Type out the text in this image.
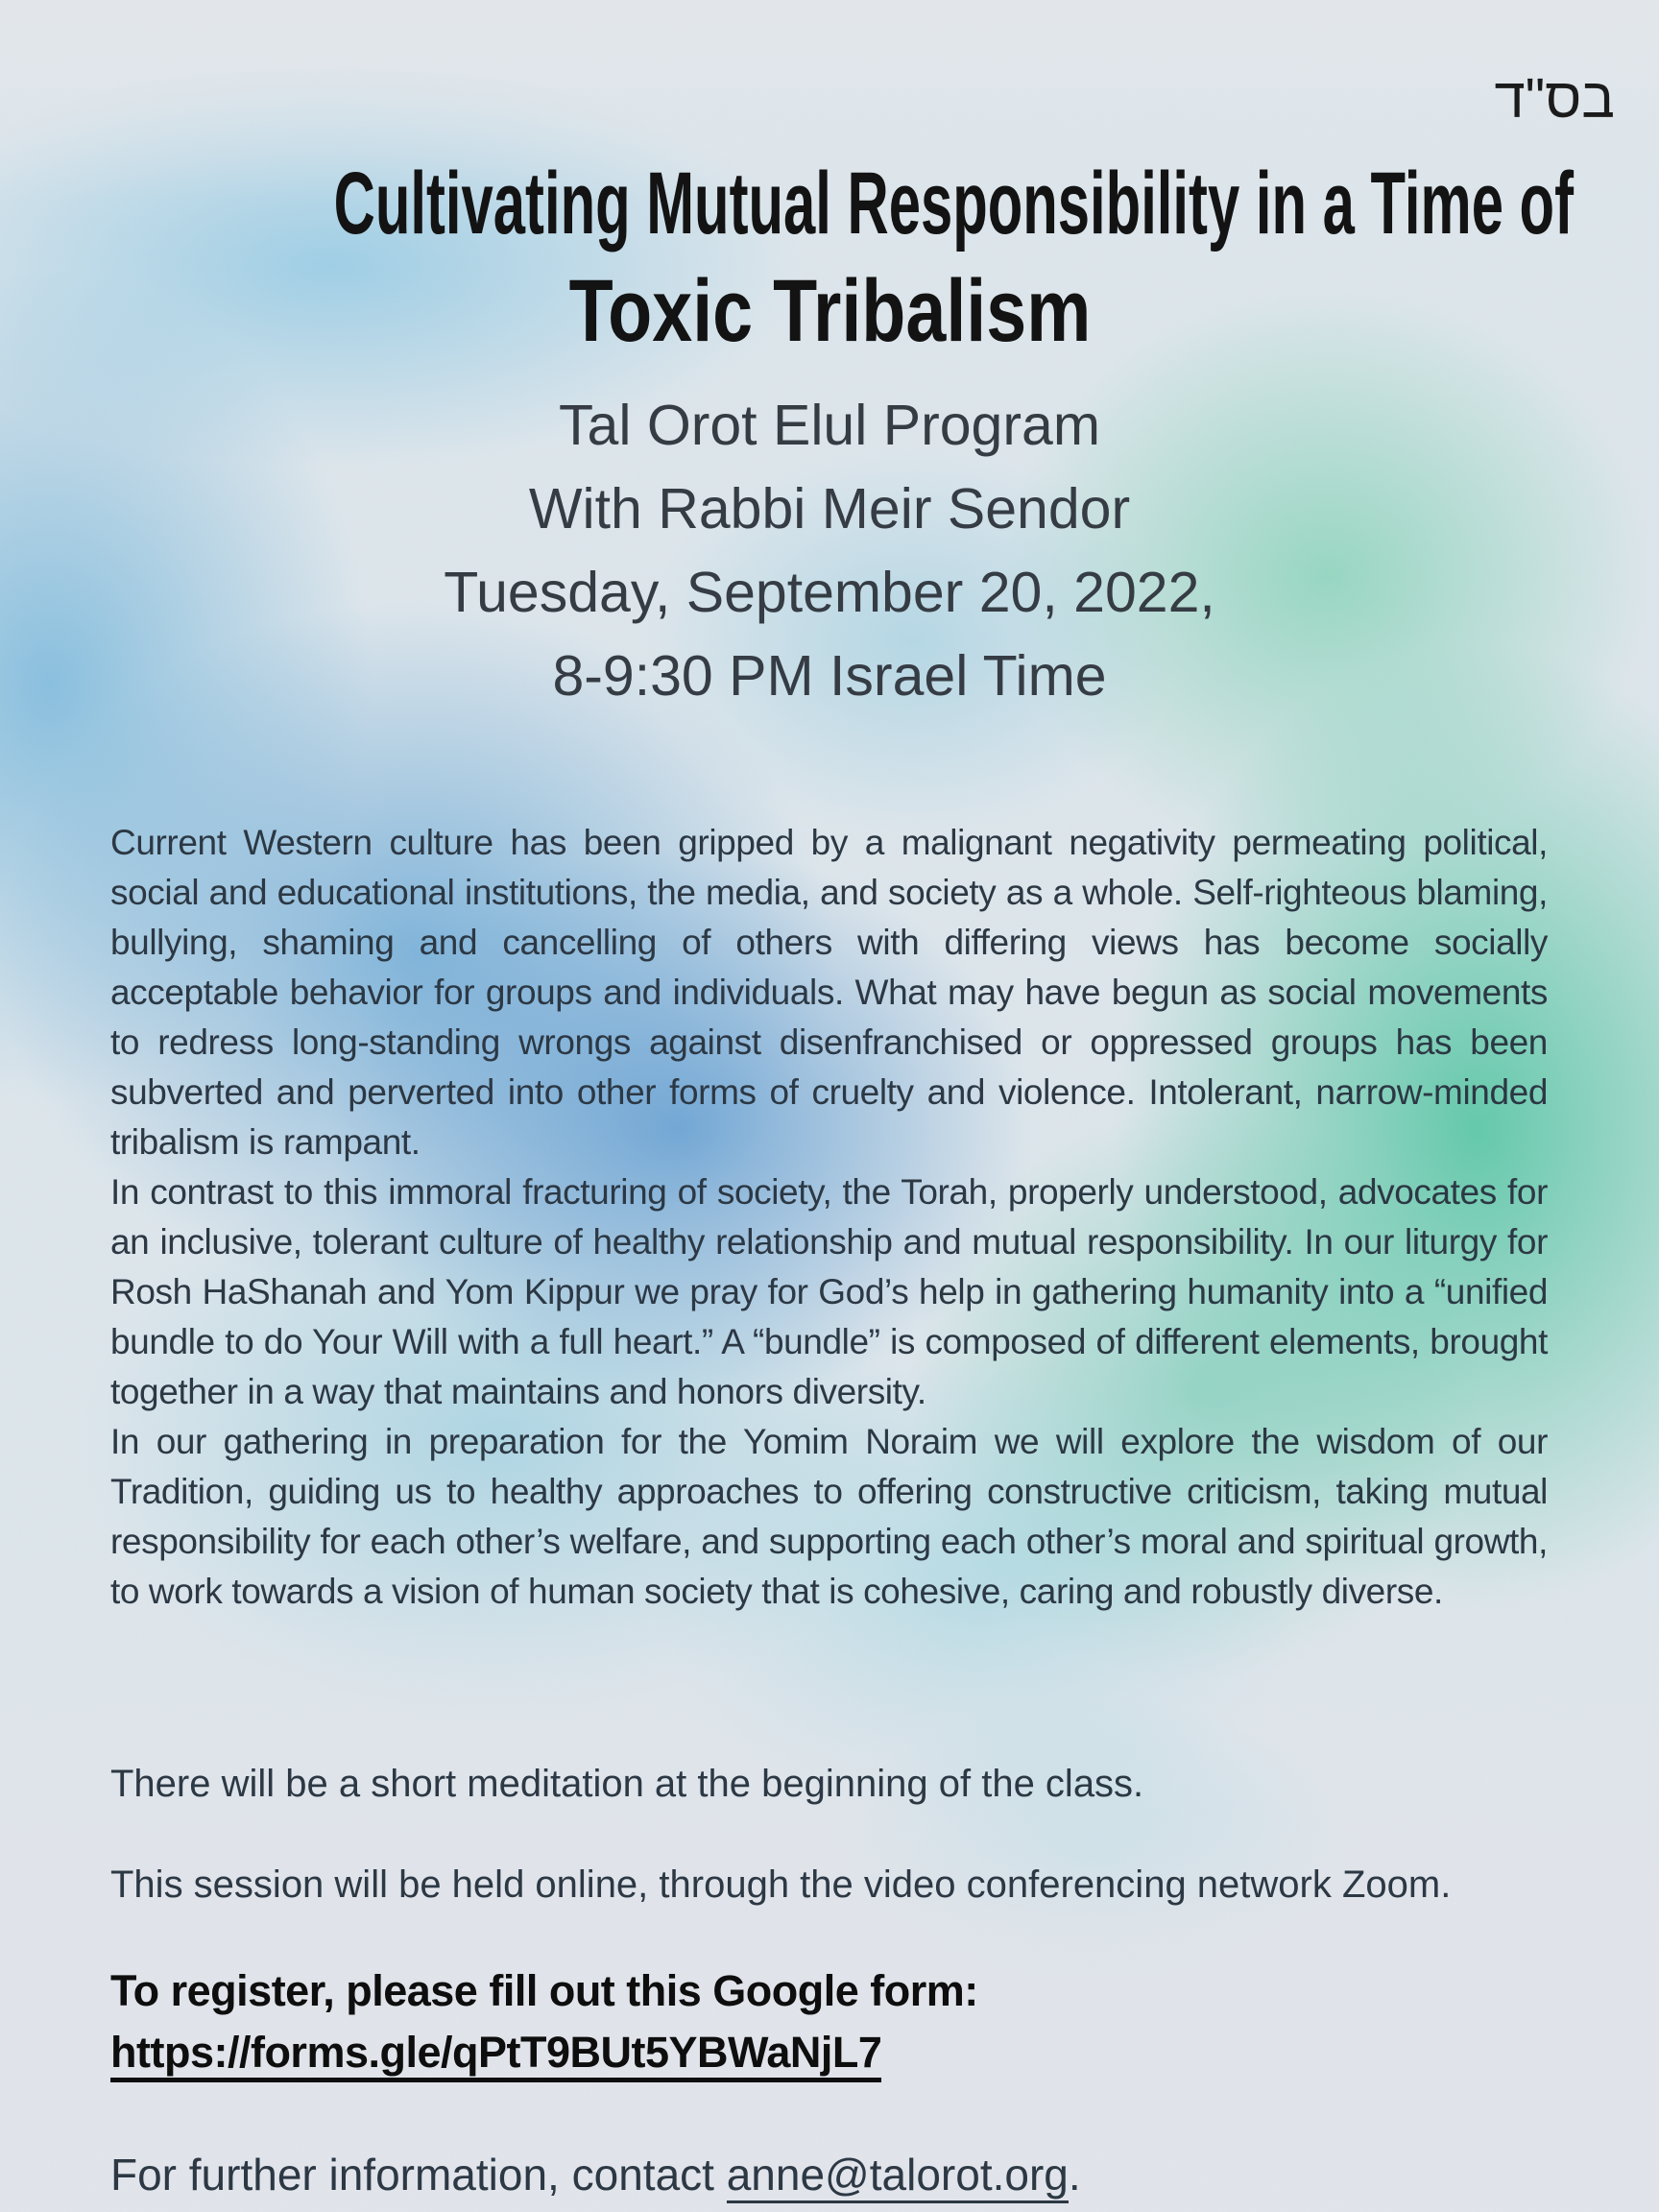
בס"ד
Cultivating Mutual Responsibility in a Time of
Toxic Tribalism
Tal Orot Elul Program
With Rabbi Meir Sendor
Tuesday, September 20, 2022,
8-9:30 PM Israel Time

Current Western culture has been gripped by a malignant negativity permeating political, social and educational institutions, the media, and society as a whole. Self-righteous blaming, bullying, shaming and cancelling of others with differing views has become socially acceptable behavior for groups and individuals. What may have begun as social movements to redress long-standing wrongs against disenfranchised or oppressed groups has been subverted and perverted into other forms of cruelty and violence. Intolerant, narrow-minded tribalism is rampant.

In contrast to this immoral fracturing of society, the Torah, properly understood, advocates for an inclusive, tolerant culture of healthy relationship and mutual responsibility. In our liturgy for Rosh HaShanah and Yom Kippur we pray for God’s help in gathering humanity into a “unified bundle to do Your Will with a full heart.” A “bundle” is composed of different elements, brought together in a way that maintains and honors diversity.

In our gathering in preparation for the Yomim Noraim we will explore the wisdom of our Tradition, guiding us to healthy approaches to offering constructive criticism, taking mutual responsibility for each other’s welfare, and supporting each other’s moral and spiritual growth, to work towards a vision of human society that is cohesive, caring and robustly diverse.

There will be a short meditation at the beginning of the class.
This session will be held online, through the video conferencing network Zoom.
To register, please fill out this Google form:
https://forms.gle/qPtT9BUt5YBWaNjL7
For further information, contact anne@talorot.org.
